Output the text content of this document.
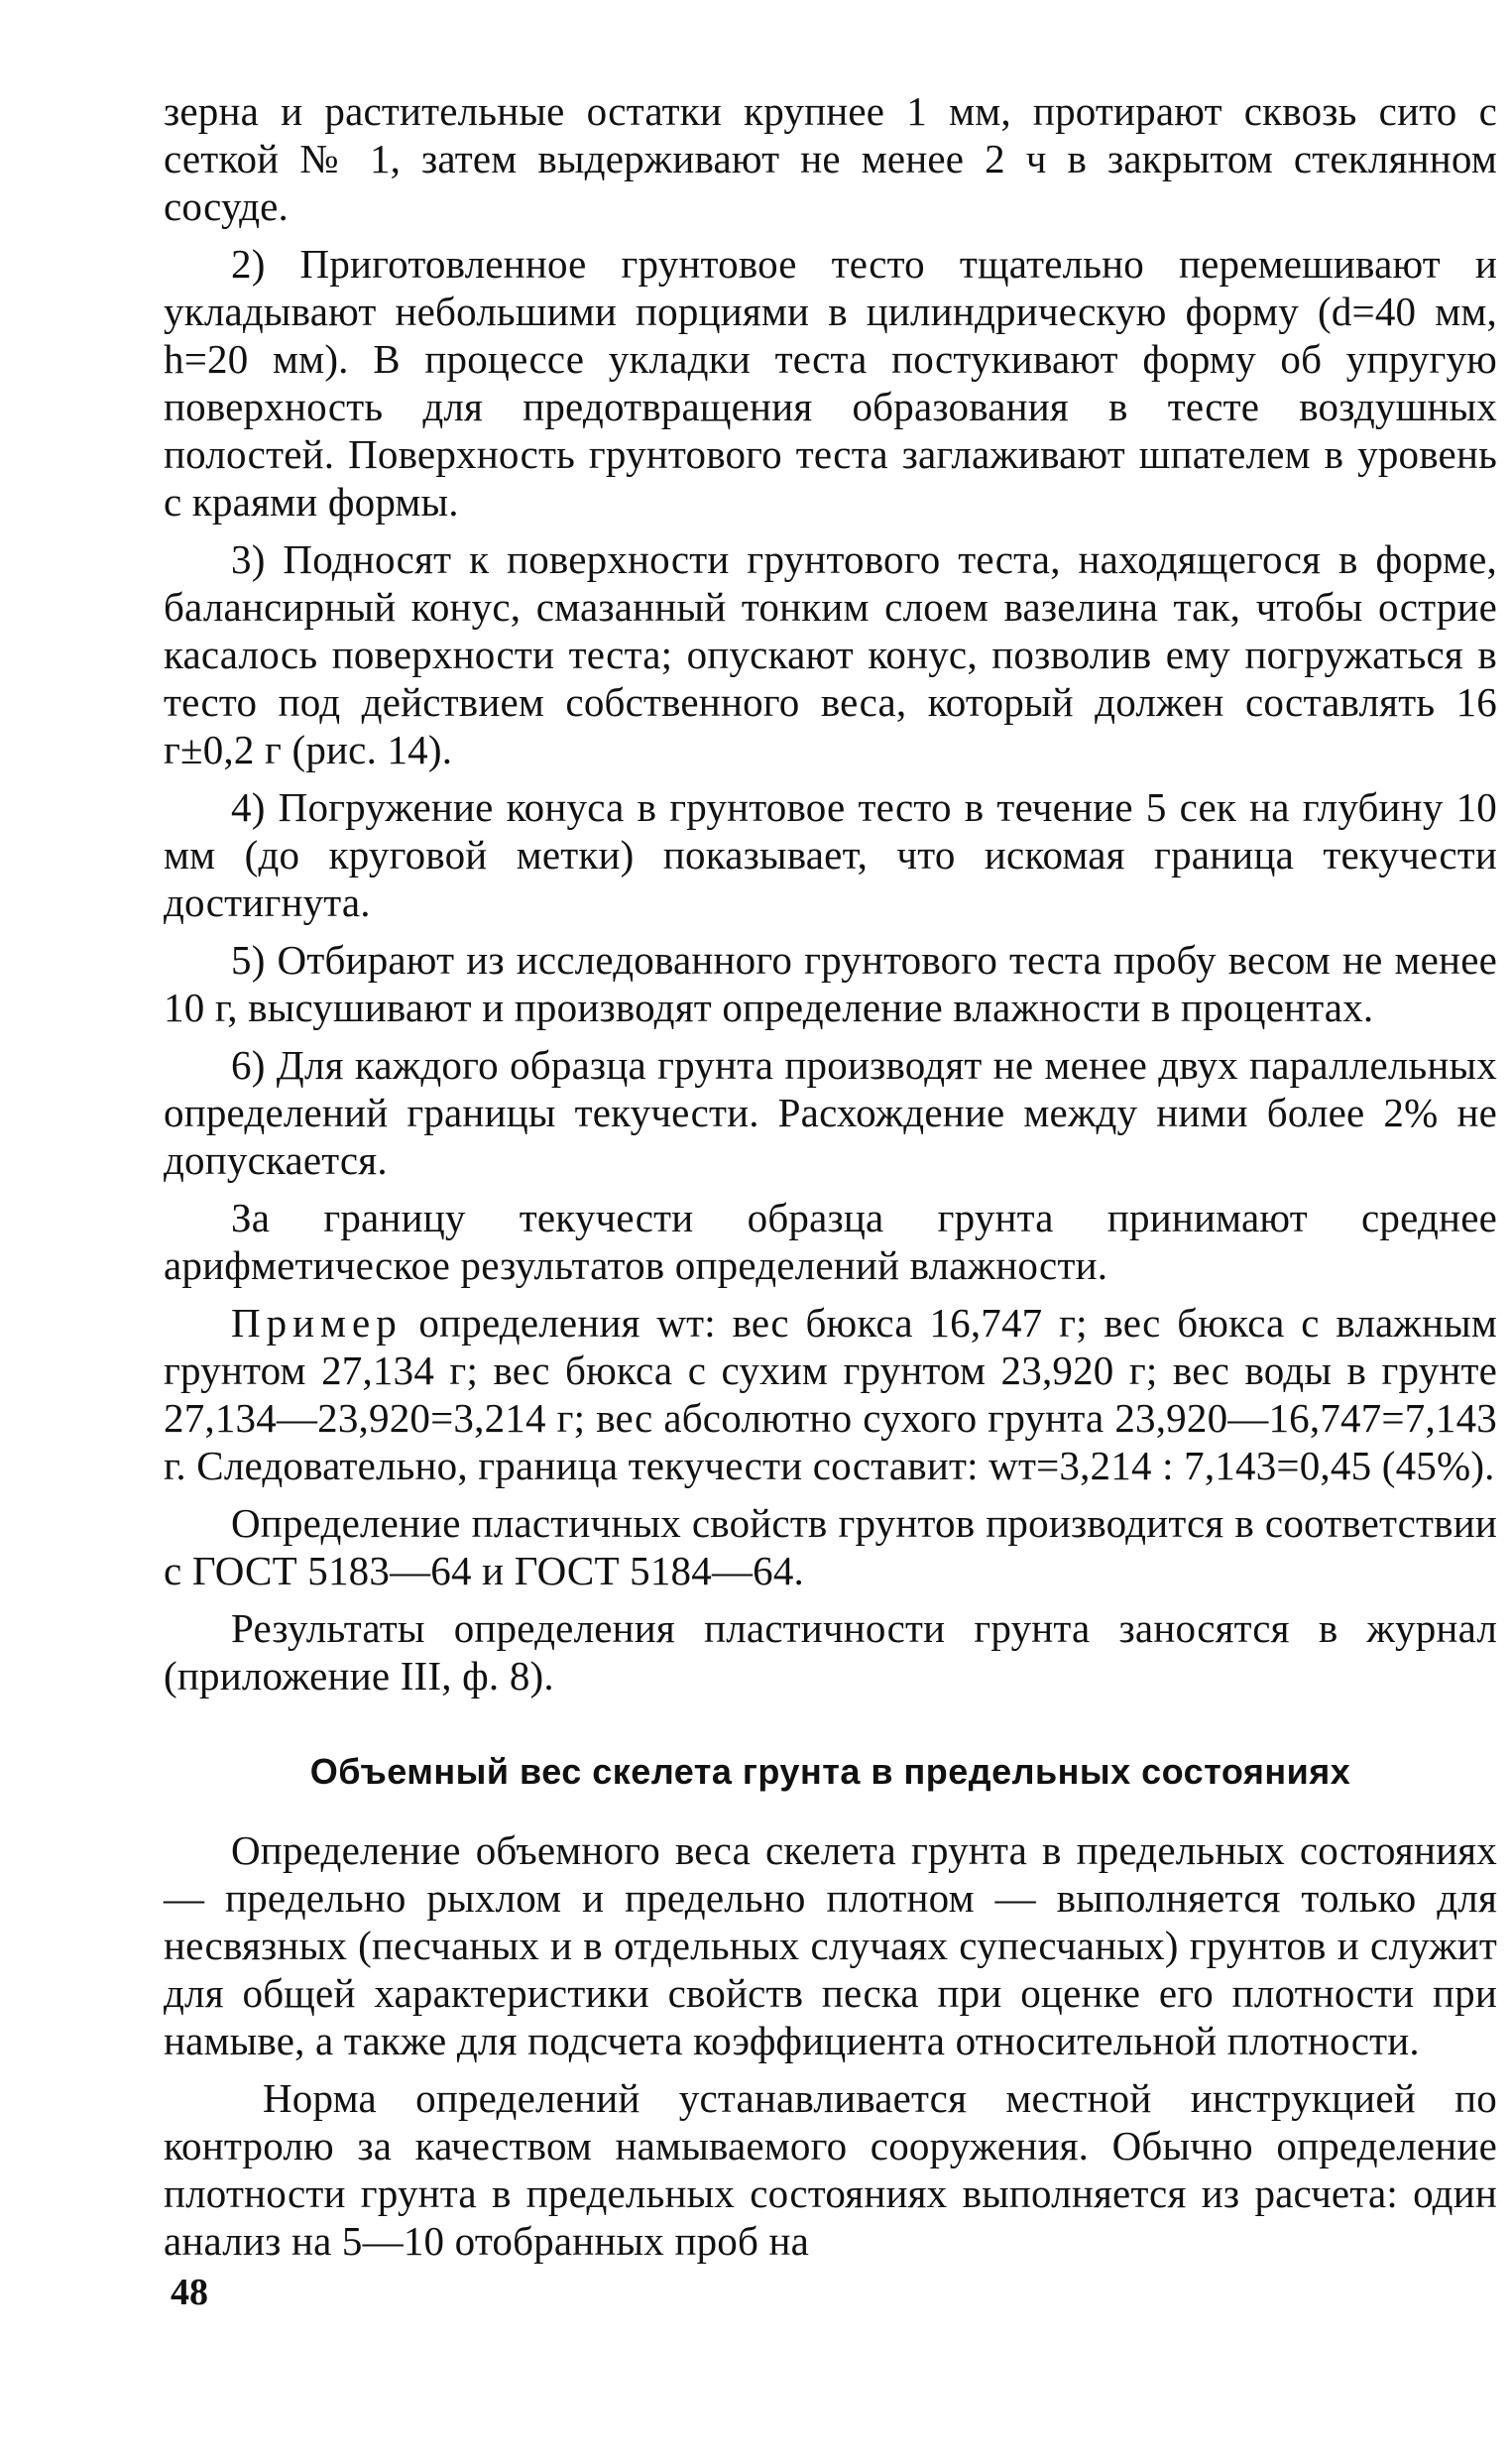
зерна и растительные остатки крупнее 1 мм, протирают сквозь сито с сеткой № 1, затем выдерживают не менее 2 ч в закрытом стеклянном сосуде.

2) Приготовленное грунтовое тесто тщательно перемешивают и укладывают небольшими порциями в цилиндрическую форму (d=40 мм, h=20 мм). В процессе укладки теста постукивают форму об упругую поверхность для предотвращения образования в тесте воздушных полостей. Поверхность грунтового теста заглаживают шпателем в уровень с краями формы.

3) Подносят к поверхности грунтового теста, находящегося в форме, балансирный конус, смазанный тонким слоем вазелина так, чтобы острие касалось поверхности теста; опускают конус, позволив ему погружаться в тесто под действием собственного веса, который должен составлять 16 г±0,2 г (рис. 14).

4) Погружение конуса в грунтовое тесто в течение 5 сек на глубину 10 мм (до круговой метки) показывает, что искомая граница текучести достигнута.

5) Отбирают из исследованного грунтового теста пробу весом не менее 10 г, высушивают и производят определение влажности в процентах.

6) Для каждого образца грунта производят не менее двух параллельных определений границы текучести. Расхождение между ними более 2% не допускается.

За границу текучести образца грунта принимают среднее арифметическое результатов определений влажности.

Пример определения wт: вес бюкса 16,747 г; вес бюкса с влажным грунтом 27,134 г; вес бюкса с сухим грунтом 23,920 г; вес воды в грунте 27,134—23,920=3,214 г; вес абсолютно сухого грунта 23,920—16,747=7,143 г. Следовательно, граница текучести составит: wт=3,214 : 7,143=0,45 (45%).

Определение пластичных свойств грунтов производится в соответствии с ГОСТ 5183—64 и ГОСТ 5184—64.

Результаты определения пластичности грунта заносятся в журнал (приложение III, ф. 8).

Объемный вес скелета грунта в предельных состояниях

Определение объемного веса скелета грунта в предельных состояниях — предельно рыхлом и предельно плотном — выполняется только для несвязных (песчаных и в отдельных случаях супесчаных) грунтов и служит для общей характеристики свойств песка при оценке его плотности при намыве, а также для подсчета коэффициента относительной плотности.

Норма определений устанавливается местной инструкцией по контролю за качеством намываемого сооружения. Обычно определение плотности грунта в предельных состояниях выполняется из расчета: один анализ на 5—10 отобранных проб на

48
